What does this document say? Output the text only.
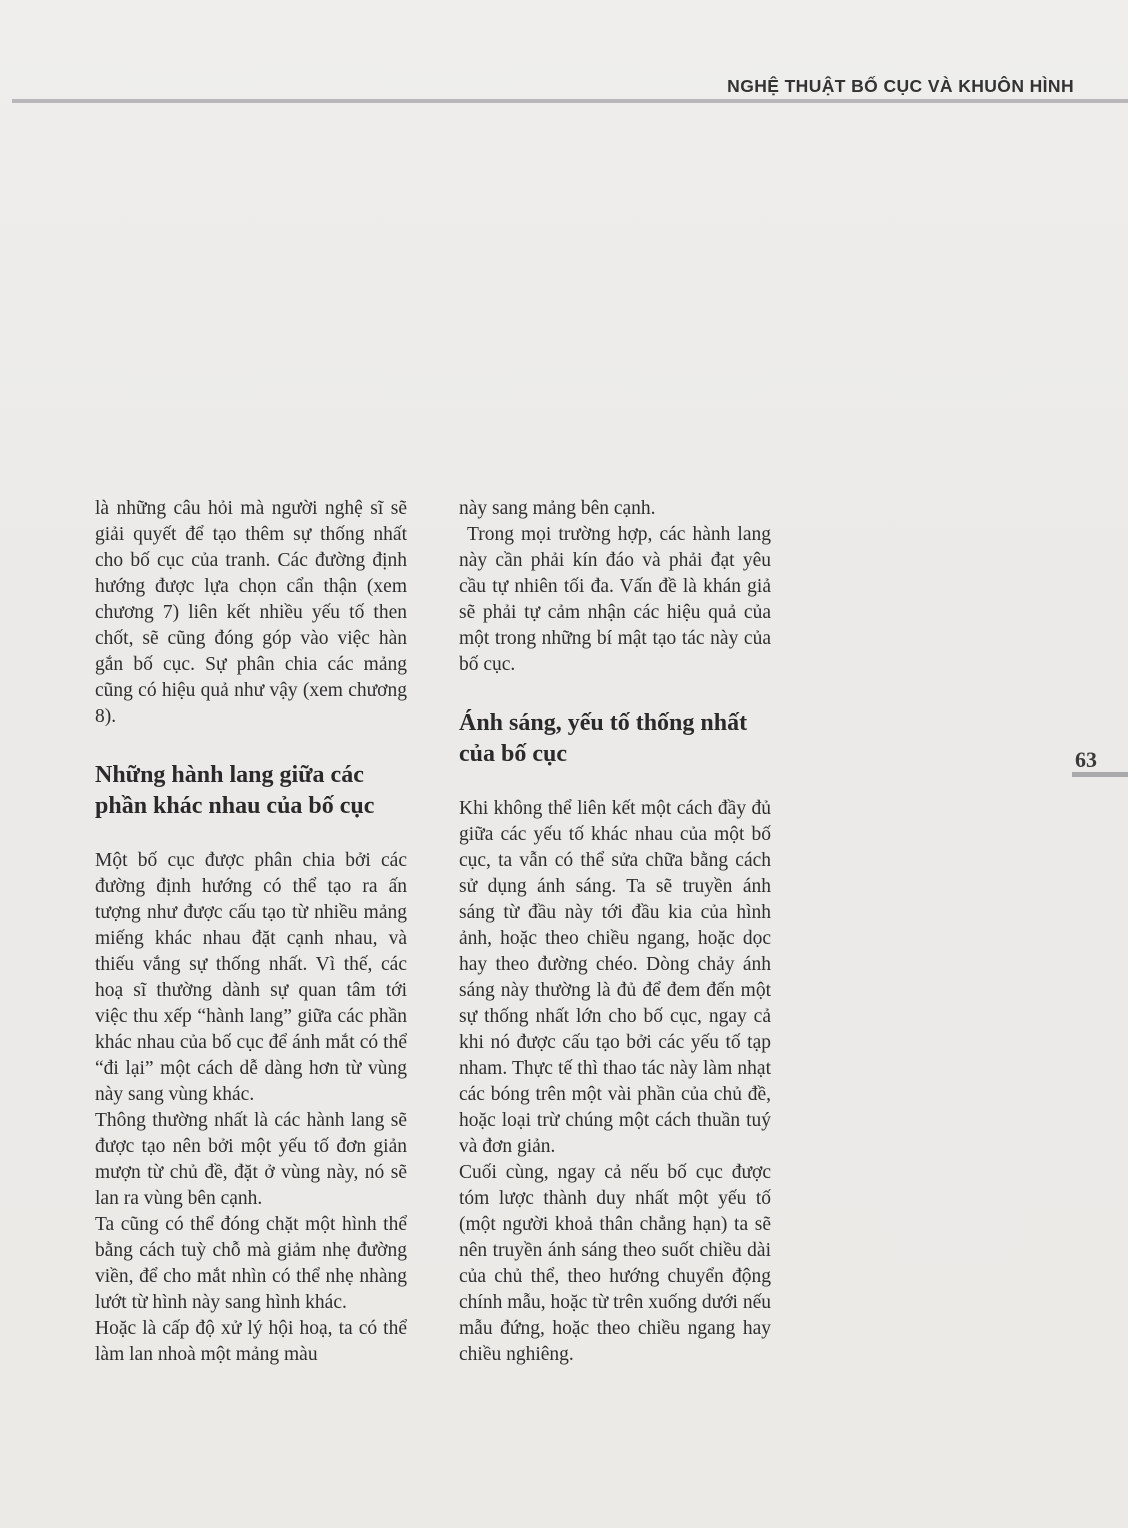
NGHỆ THUẬT BỐ CỤC VÀ KHUÔN HÌNH
63

là những câu hỏi mà người nghệ sĩ sẽ giải quyết để tạo thêm sự thống nhất cho bố cục của tranh. Các đường định hướng được lựa chọn cẩn thận (xem chương 7) liên kết nhiều yếu tố then chốt, sẽ cũng đóng góp vào việc hàn gắn bố cục. Sự phân chia các mảng cũng có hiệu quả như vậy (xem chương 8).

Những hành lang giữa các phần khác nhau của bố cục

Một bố cục được phân chia bởi các đường định hướng có thể tạo ra ấn tượng như được cấu tạo từ nhiều mảng miếng khác nhau đặt cạnh nhau, và thiếu vắng sự thống nhất. Vì thế, các hoạ sĩ thường dành sự quan tâm tới việc thu xếp “hành lang” giữa các phần khác nhau của bố cục để ánh mắt có thể “đi lại” một cách dễ dàng hơn từ vùng này sang vùng khác.

Thông thường nhất là các hành lang sẽ được tạo nên bởi một yếu tố đơn giản mượn từ chủ đề, đặt ở vùng này, nó sẽ lan ra vùng bên cạnh.

Ta cũng có thể đóng chặt một hình thể bằng cách tuỳ chỗ mà giảm nhẹ đường viền, để cho mắt nhìn có thể nhẹ nhàng lướt từ hình này sang hình khác.

Hoặc là cấp độ xử lý hội hoạ, ta có thể làm lan nhoà một mảng màu

này sang mảng bên cạnh.

Trong mọi trường hợp, các hành lang này cần phải kín đáo và phải đạt yêu cầu tự nhiên tối đa. Vấn đề là khán giả sẽ phải tự cảm nhận các hiệu quả của một trong những bí mật tạo tác này của bố cục.

Ánh sáng, yếu tố thống nhất của bố cục

Khi không thể liên kết một cách đầy đủ giữa các yếu tố khác nhau của một bố cục, ta vẫn có thể sửa chữa bằng cách sử dụng ánh sáng. Ta sẽ truyền ánh sáng từ đầu này tới đầu kia của hình ảnh, hoặc theo chiều ngang, hoặc dọc hay theo đường chéo. Dòng chảy ánh sáng này thường là đủ để đem đến một sự thống nhất lớn cho bố cục, ngay cả khi nó được cấu tạo bởi các yếu tố tạp nham. Thực tế thì thao tác này làm nhạt các bóng trên một vài phần của chủ đề, hoặc loại trừ chúng một cách thuần tuý và đơn giản.

Cuối cùng, ngay cả nếu bố cục được tóm lược thành duy nhất một yếu tố (một người khoả thân chẳng hạn) ta sẽ nên truyền ánh sáng theo suốt chiều dài của chủ thể, theo hướng chuyển động chính mẫu, hoặc từ trên xuống dưới nếu mẫu đứng, hoặc theo chiều ngang hay chiều nghiêng.
